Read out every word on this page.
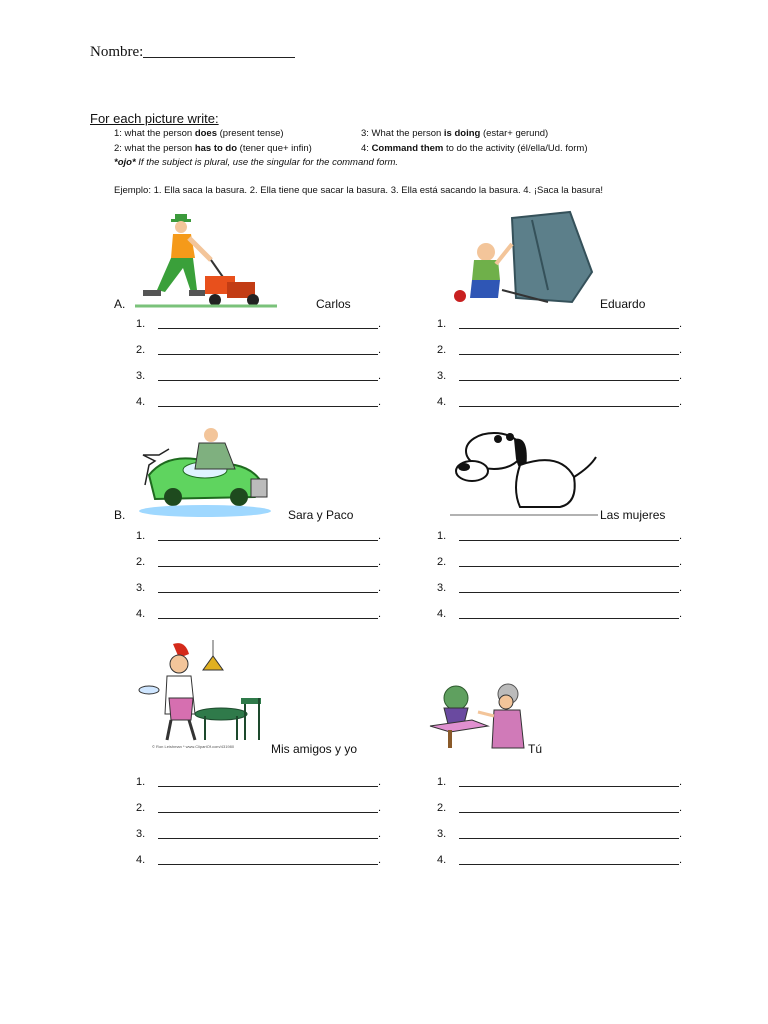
Nombre:
For each picture write:
1: what the person does (present tense)
2: what the person has to do (tener que+ infin)
3: What the person is doing (estar+ gerund)
4: Command them to do the activity (él/ella/Ud. form)
*ojo* If the subject is plural, use the singular for the command form.
Ejemplo: 1. Ella saca la basura. 2. Ella tiene que sacar la basura. 3. Ella está sacando la basura. 4. ¡Saca la basura!
A.	Carlos	Eduardo
1.	.
2.	.
3.	.
4.	.
1.	.
2.	.
3.	.
4.	.
B.	Sara y Paco	Las mujeres
1.	.
2.	.
3.	.
4.	.
1.	.
2.	.
3.	.
4.	.
© Ron Leishman * www.ClipartOf.com/431980	Mis amigos y yo	Tú
1.	.
2.	.
3.	.
4.	.
1.	.
2.	.
3.	.
4.	.
